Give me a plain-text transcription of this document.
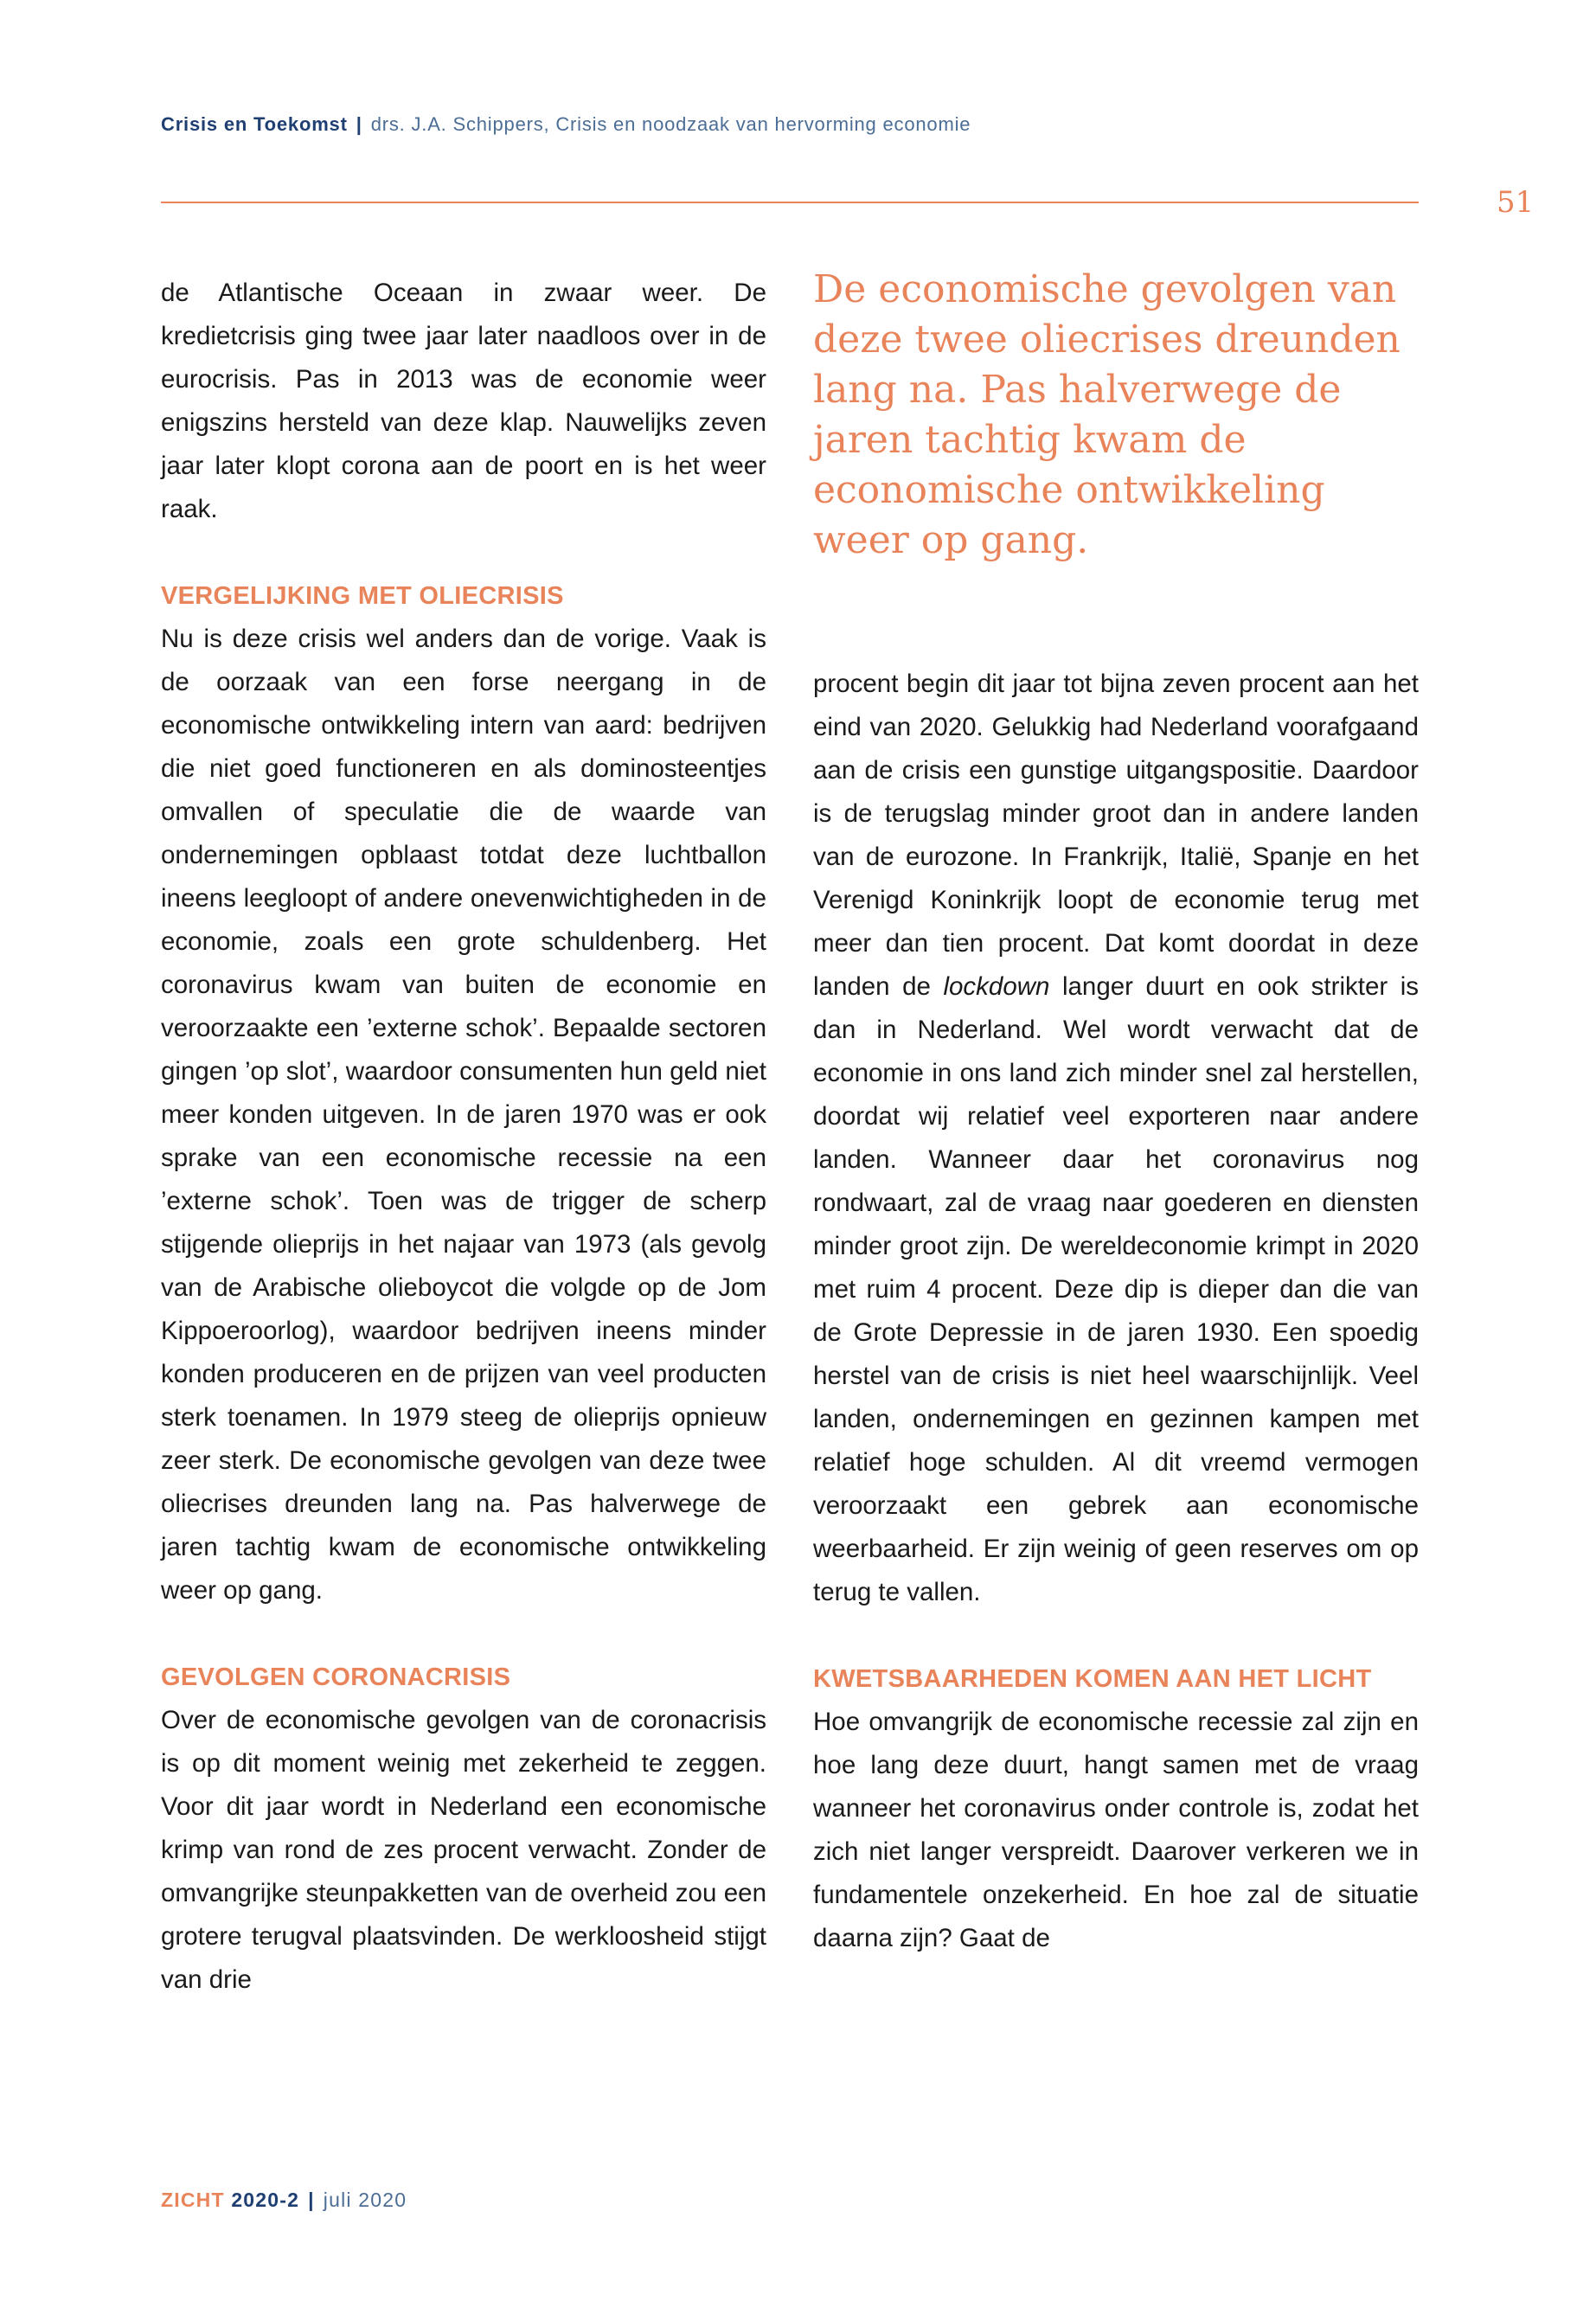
Crisis en Toekomst | drs. J.A. Schippers, Crisis en noodzaak van hervorming economie
51

de Atlantische Oceaan in zwaar weer. De kredietcrisis ging twee jaar later naadloos over in de eurocrisis. Pas in 2013 was de economie weer enigszins hersteld van deze klap. Nauwelijks zeven jaar later klopt corona aan de poort en is het weer raak.

VERGELIJKING MET OLIECRISIS

Nu is deze crisis wel anders dan de vorige. Vaak is de oorzaak van een forse neergang in de economische ontwikkeling intern van aard: bedrijven die niet goed functioneren en als dominosteentjes omvallen of speculatie die de waarde van ondernemingen opblaast totdat deze luchtballon ineens leegloopt of andere onevenwichtigheden in de economie, zoals een grote schuldenberg. Het coronavirus kwam van buiten de economie en veroorzaakte een ’externe schok’. Bepaalde sectoren gingen ’op slot’, waardoor consumenten hun geld niet meer konden uitgeven. In de jaren 1970 was er ook sprake van een economische recessie na een ’externe schok’. Toen was de trigger de scherp stijgende olieprijs in het najaar van 1973 (als gevolg van de Arabische olieboycot die volgde op de Jom Kippoeroorlog), waardoor bedrijven ineens minder konden produceren en de prijzen van veel producten sterk toenamen. In 1979 steeg de olieprijs opnieuw zeer sterk. De economische gevolgen van deze twee oliecrises dreunden lang na. Pas halverwege de jaren tachtig kwam de economische ontwikkeling weer op gang.

GEVOLGEN CORONACRISIS

Over de economische gevolgen van de coronacrisis is op dit moment weinig met zekerheid te zeggen. Voor dit jaar wordt in Nederland een economische krimp van rond de zes procent verwacht. Zonder de omvangrijke steunpakketten van de overheid zou een grotere terugval plaatsvinden. De werkloosheid stijgt van drie

De economische gevolgen van deze twee oliecrises dreunden lang na. Pas halverwege de jaren tachtig kwam de economische ontwikkeling weer op gang.

procent begin dit jaar tot bijna zeven procent aan het eind van 2020. Gelukkig had Nederland voorafgaand aan de crisis een gunstige uitgangspositie. Daardoor is de terugslag minder groot dan in andere landen van de eurozone. In Frankrijk, Italië, Spanje en het Verenigd Koninkrijk loopt de economie terug met meer dan tien procent. Dat komt doordat in deze landen de lockdown langer duurt en ook strikter is dan in Nederland. Wel wordt verwacht dat de economie in ons land zich minder snel zal herstellen, doordat wij relatief veel exporteren naar andere landen. Wanneer daar het coronavirus nog rondwaart, zal de vraag naar goederen en diensten minder groot zijn. De wereldeconomie krimpt in 2020 met ruim 4 procent. Deze dip is dieper dan die van de Grote Depressie in de jaren 1930. Een spoedig herstel van de crisis is niet heel waarschijnlijk. Veel landen, ondernemingen en gezinnen kampen met relatief hoge schulden. Al dit vreemd vermogen veroorzaakt een gebrek aan economische weerbaarheid. Er zijn weinig of geen reserves om op terug te vallen.

KWETSBAARHEDEN KOMEN AAN HET LICHT

Hoe omvangrijk de economische recessie zal zijn en hoe lang deze duurt, hangt samen met de vraag wanneer het coronavirus onder controle is, zodat het zich niet langer verspreidt. Daarover verkeren we in fundamentele onzekerheid. En hoe zal de situatie daarna zijn? Gaat de

ZICHT 2020-2 | juli 2020
